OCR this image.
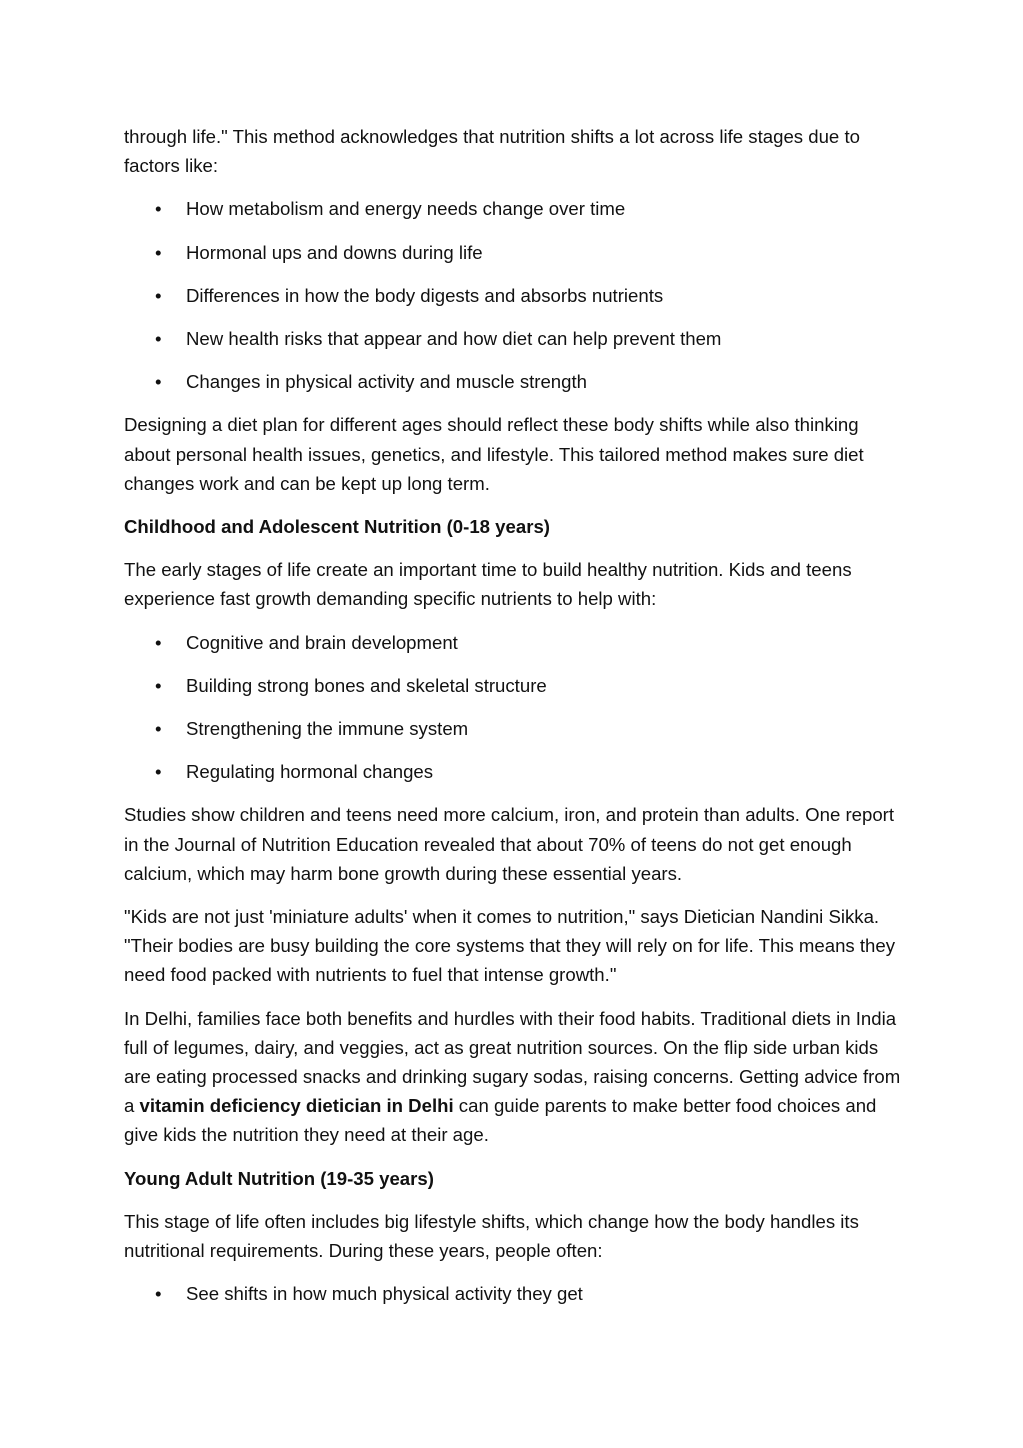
through life." This method acknowledges that nutrition shifts a lot across life stages due to factors like:

• How metabolism and energy needs change over time
• Hormonal ups and downs during life
• Differences in how the body digests and absorbs nutrients
• New health risks that appear and how diet can help prevent them
• Changes in physical activity and muscle strength

Designing a diet plan for different ages should reflect these body shifts while also thinking about personal health issues, genetics, and lifestyle. This tailored method makes sure diet changes work and can be kept up long term.

Childhood and Adolescent Nutrition (0-18 years)

The early stages of life create an important time to build healthy nutrition. Kids and teens experience fast growth demanding specific nutrients to help with:

• Cognitive and brain development
• Building strong bones and skeletal structure
• Strengthening the immune system
• Regulating hormonal changes

Studies show children and teens need more calcium, iron, and protein than adults. One report in the Journal of Nutrition Education revealed that about 70% of teens do not get enough calcium, which may harm bone growth during these essential years.

"Kids are not just 'miniature adults' when it comes to nutrition," says Dietician Nandini Sikka. "Their bodies are busy building the core systems that they will rely on for life. This means they need food packed with nutrients to fuel that intense growth."

In Delhi, families face both benefits and hurdles with their food habits. Traditional diets in India full of legumes, dairy, and veggies, act as great nutrition sources. On the flip side urban kids are eating processed snacks and drinking sugary sodas, raising concerns. Getting advice from a vitamin deficiency dietician in Delhi can guide parents to make better food choices and give kids the nutrition they need at their age.

Young Adult Nutrition (19-35 years)

This stage of life often includes big lifestyle shifts, which change how the body handles its nutritional requirements. During these years, people often:

• See shifts in how much physical activity they get
